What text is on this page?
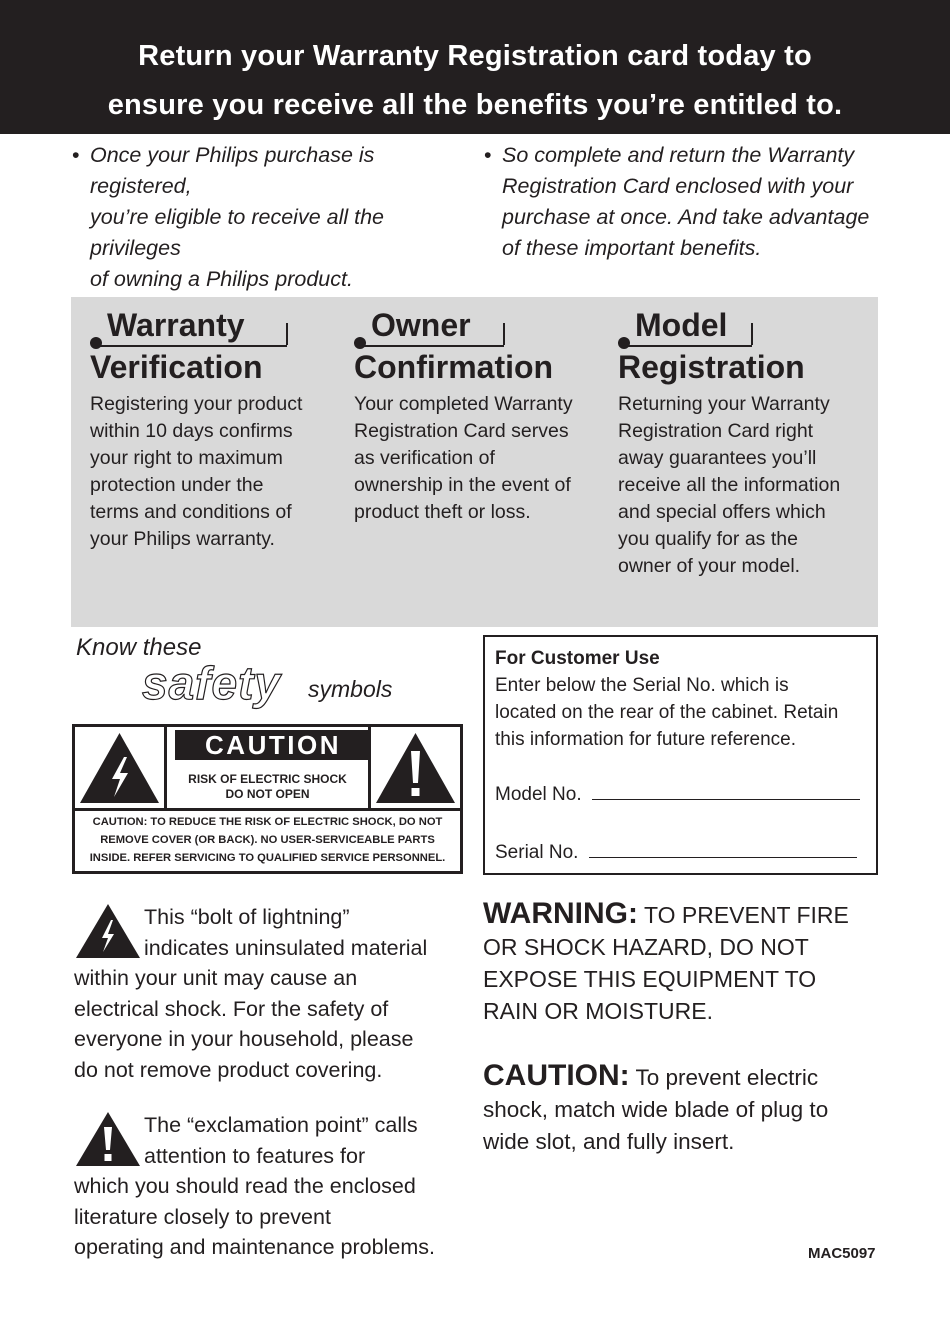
Return your Warranty Registration card today to
ensure you receive all the benefits you’re entitled to.
• Once your Philips purchase is registered,
you’re eligible to receive all the privileges
of owning a Philips product.
• So complete and return the Warranty
Registration Card enclosed with your
purchase at once. And take advantage
of these important benefits.
Warranty
Verification
Registering your product
within 10 days confirms
your right to maximum
protection under the
terms and conditions of
your Philips warranty.
Owner
Confirmation
Your completed Warranty
Registration Card serves
as verification of
ownership in the event of
product theft or loss.
Model
Registration
Returning your Warranty
Registration Card right
away guarantees you’ll
receive all the information
and special offers which
you qualify for as the
owner of your model.
Know these
safety symbols
CAUTION
RISK OF ELECTRIC SHOCK
DO NOT OPEN
CAUTION: TO REDUCE THE RISK OF ELECTRIC SHOCK, DO NOT
REMOVE COVER (OR BACK). NO USER-SERVICEABLE PARTS
INSIDE. REFER SERVICING TO QUALIFIED SERVICE PERSONNEL.
For Customer Use
Enter below the Serial No. which is
located on the rear of the cabinet. Retain
this information for future reference.
Model No.
Serial No.
This “bolt of lightning”
indicates uninsulated material
within your unit may cause an
electrical shock. For the safety of
everyone in your household, please
do not remove product covering.
The “exclamation point” calls
attention to features for
which you should read the enclosed
literature closely to prevent
operating and maintenance problems.
WARNING: TO PREVENT FIRE
OR SHOCK HAZARD, DO NOT
EXPOSE THIS EQUIPMENT TO
RAIN OR MOISTURE.
CAUTION: To prevent electric
shock, match wide blade of plug to
wide slot, and fully insert.
MAC5097
